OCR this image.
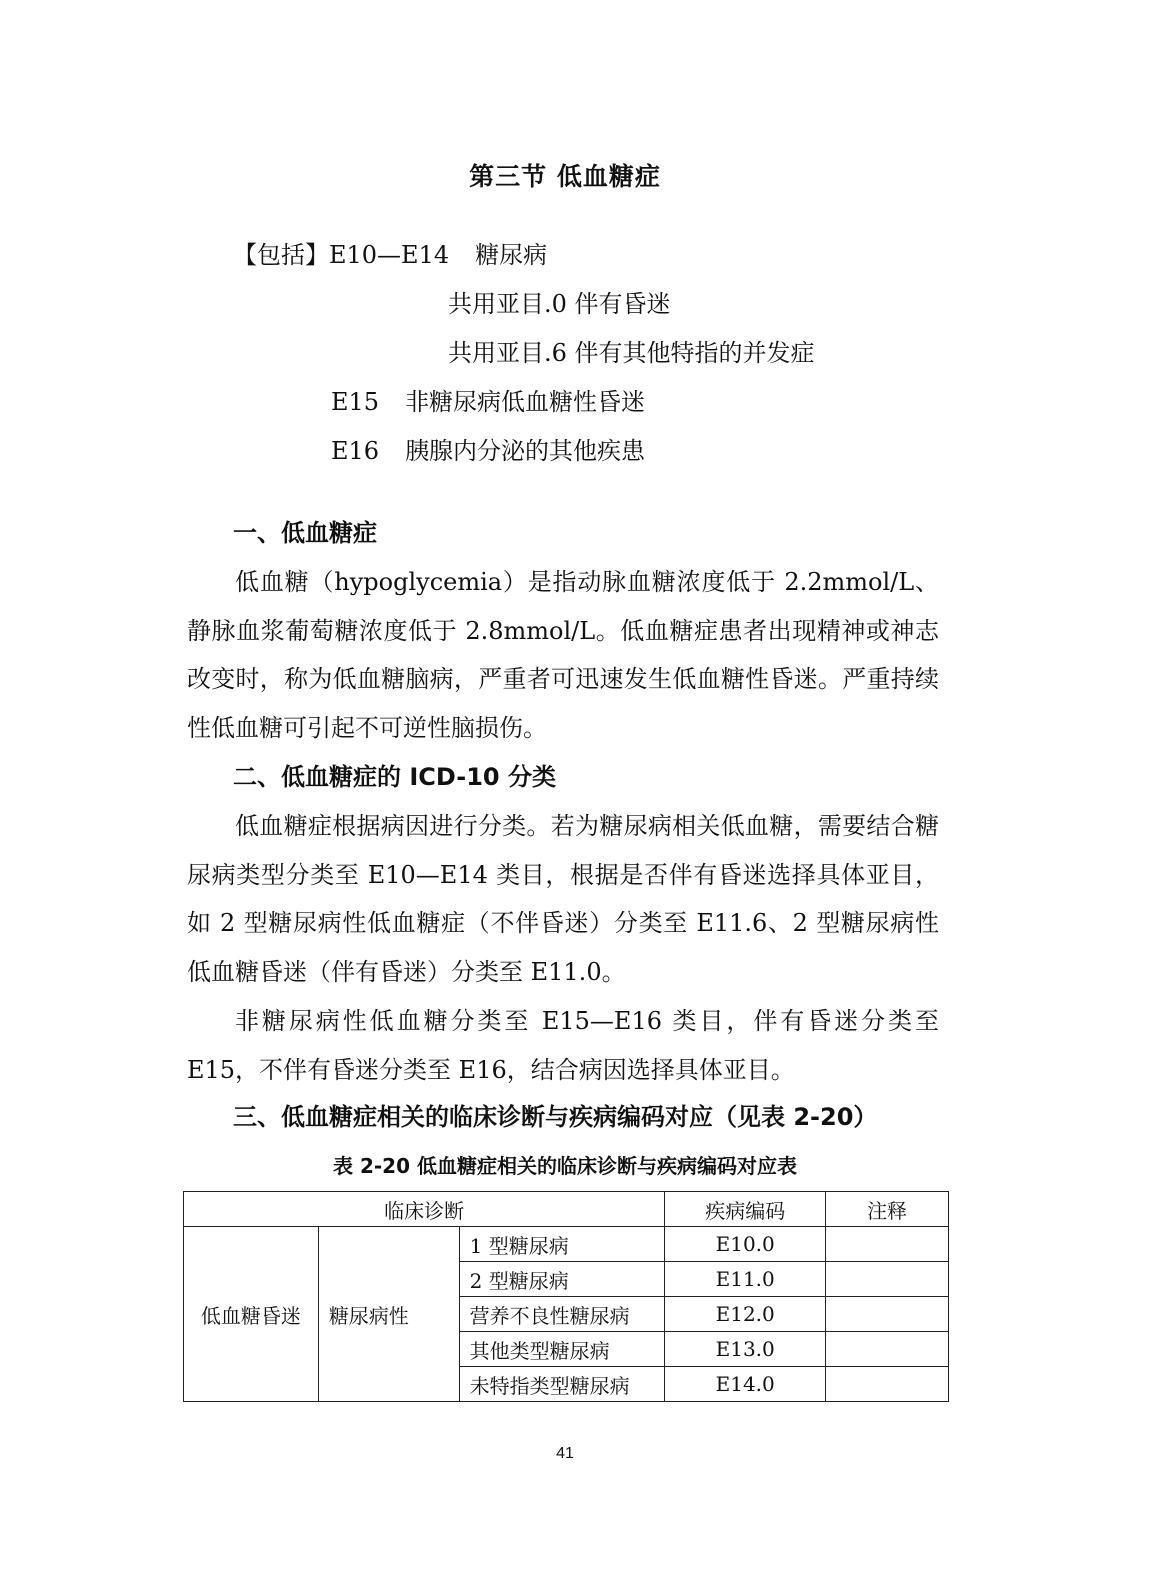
第三节 低血糖症
【包括】E10—E14 糖尿病
共用亚目.0 伴有昏迷
共用亚目.6 伴有其他特指的并发症
E15 非糖尿病低血糖性昏迷
E16 胰腺内分泌的其他疾患
一、低血糖症

低血糖（hypoglycemia）是指动脉血糖浓度低于 2.2mmol/L、静脉血浆葡萄糖浓度低于 2.8mmol/L。低血糖症患者出现精神或神志改变时，称为低血糖脑病，严重者可迅速发生低血糖性昏迷。严重持续性低血糖可引起不可逆性脑损伤。

二、低血糖症的 ICD-10 分类

低血糖症根据病因进行分类。若为糖尿病相关低血糖，需要结合糖尿病类型分类至 E10—E14 类目，根据是否伴有昏迷选择具体亚目，如 2 型糖尿病性低血糖症（不伴昏迷）分类至 E11.6、2 型糖尿病性低血糖昏迷（伴有昏迷）分类至 E11.0。

非糖尿病性低血糖分类至 E15—E16 类目，伴有昏迷分类至 E15，不伴有昏迷分类至 E16，结合病因选择具体亚目。

三、低血糖症相关的临床诊断与疾病编码对应（见表 2-20）
表 2-20 低血糖症相关的临床诊断与疾病编码对应表
临床诊断			疾病编码	注释
低血糖昏迷	糖尿病性	1 型糖尿病	E10.0	
		2 型糖尿病	E11.0	
		营养不良性糖尿病	E12.0	
		其他类型糖尿病	E13.0	
		未特指类型糖尿病	E14.0	
41
